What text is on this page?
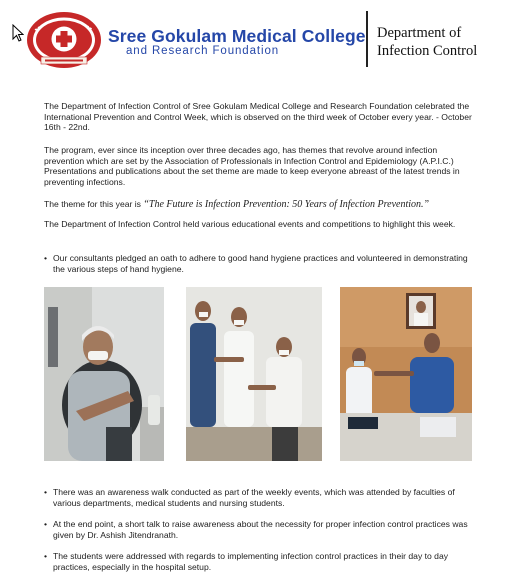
Sree Gokulam Medical College
and Research Foundation
Department of
Infection Control

The Department of Infection Control of Sree Gokulam Medical College and Research Foundation celebrated the International Prevention and Control Week, which is observed on the third week of October every year. - October 16th - 22nd.

The program, ever since its inception over three decades ago, has themes that revolve around infection prevention which are set by the Association of Professionals in Infection Control and Epidemiology (A.P.I.C.) Presentations and publications about the set theme are made to keep everyone abreast of the latest trends in preventing infections.

The theme for this year is “The Future is Infection Prevention: 50 Years of Infection Prevention.”

The Department of Infection Control held various educational events and competitions to highlight this week.

• Our consultants pledged an oath to adhere to good hand hygiene practices and volunteered in demonstrating the various steps of hand hygiene.
• There was an awareness walk conducted as part of the weekly events, which was attended by faculties of various departments, medical students and nursing students.
• At the end point, a short talk to raise awareness about the necessity for proper infection control practices was given by Dr. Ashish Jitendranath.
• The students were addressed with regards to implementing infection control practices in their day to day practices, especially in the hospital setup.
